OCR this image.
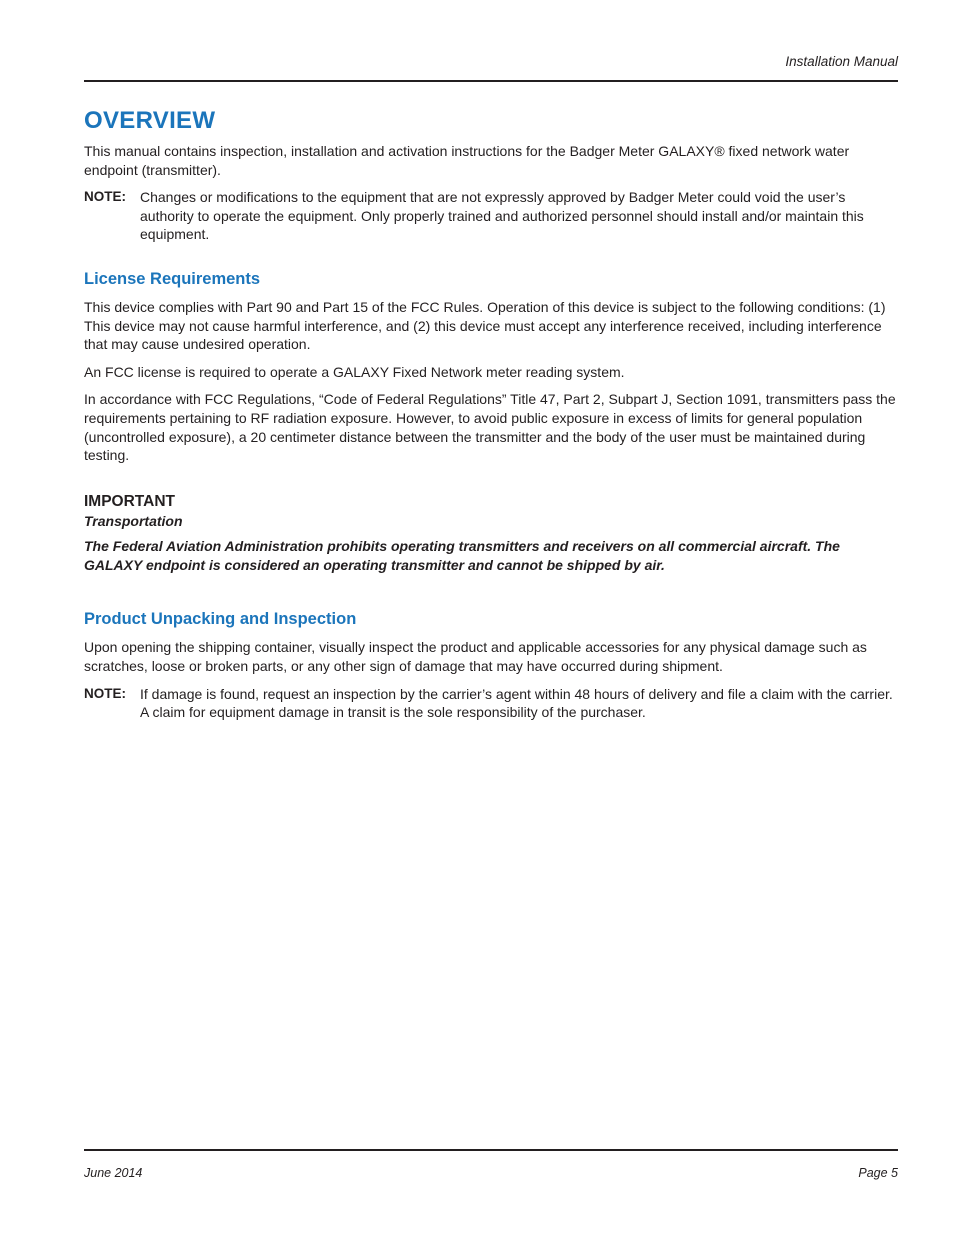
Installation Manual
OVERVIEW

This manual contains inspection, installation and activation instructions for the Badger Meter GALAXY® fixed network water endpoint (transmitter).

NOTE:	Changes or modifications to the equipment that are not expressly approved by Badger Meter could void the user’s authority to operate the equipment. Only properly trained and authorized personnel should install and/or maintain this equipment.
License Requirements

This device complies with Part 90 and Part 15 of the FCC Rules. Operation of this device is subject to the following conditions: (1) This device may not cause harmful interference, and (2) this device must accept any interference received, including interference that may cause undesired operation.

An FCC license is required to operate a GALAXY Fixed Network meter reading system.

In accordance with FCC Regulations, “Code of Federal Regulations” Title 47, Part 2, Subpart J, Section 1091, transmitters pass the requirements pertaining to RF radiation exposure. However, to avoid public exposure in excess of limits for general population (uncontrolled exposure), a 20 centimeter distance between the transmitter and the body of the user must be maintained during testing.

IMPORTANT
Transportation

The Federal Aviation Administration prohibits operating transmitters and receivers on all commercial aircraft. The GALAXY endpoint is considered an operating transmitter and cannot be shipped by air.

Product Unpacking and Inspection

Upon opening the shipping container, visually inspect the product and applicable accessories for any physical damage such as scratches, loose or broken parts, or any other sign of damage that may have occurred during shipment.

NOTE:	If damage is found, request an inspection by the carrier’s agent within 48 hours of delivery and file a claim with the carrier. A claim for equipment damage in transit is the sole responsibility of the purchaser.
June 2014	Page 5
